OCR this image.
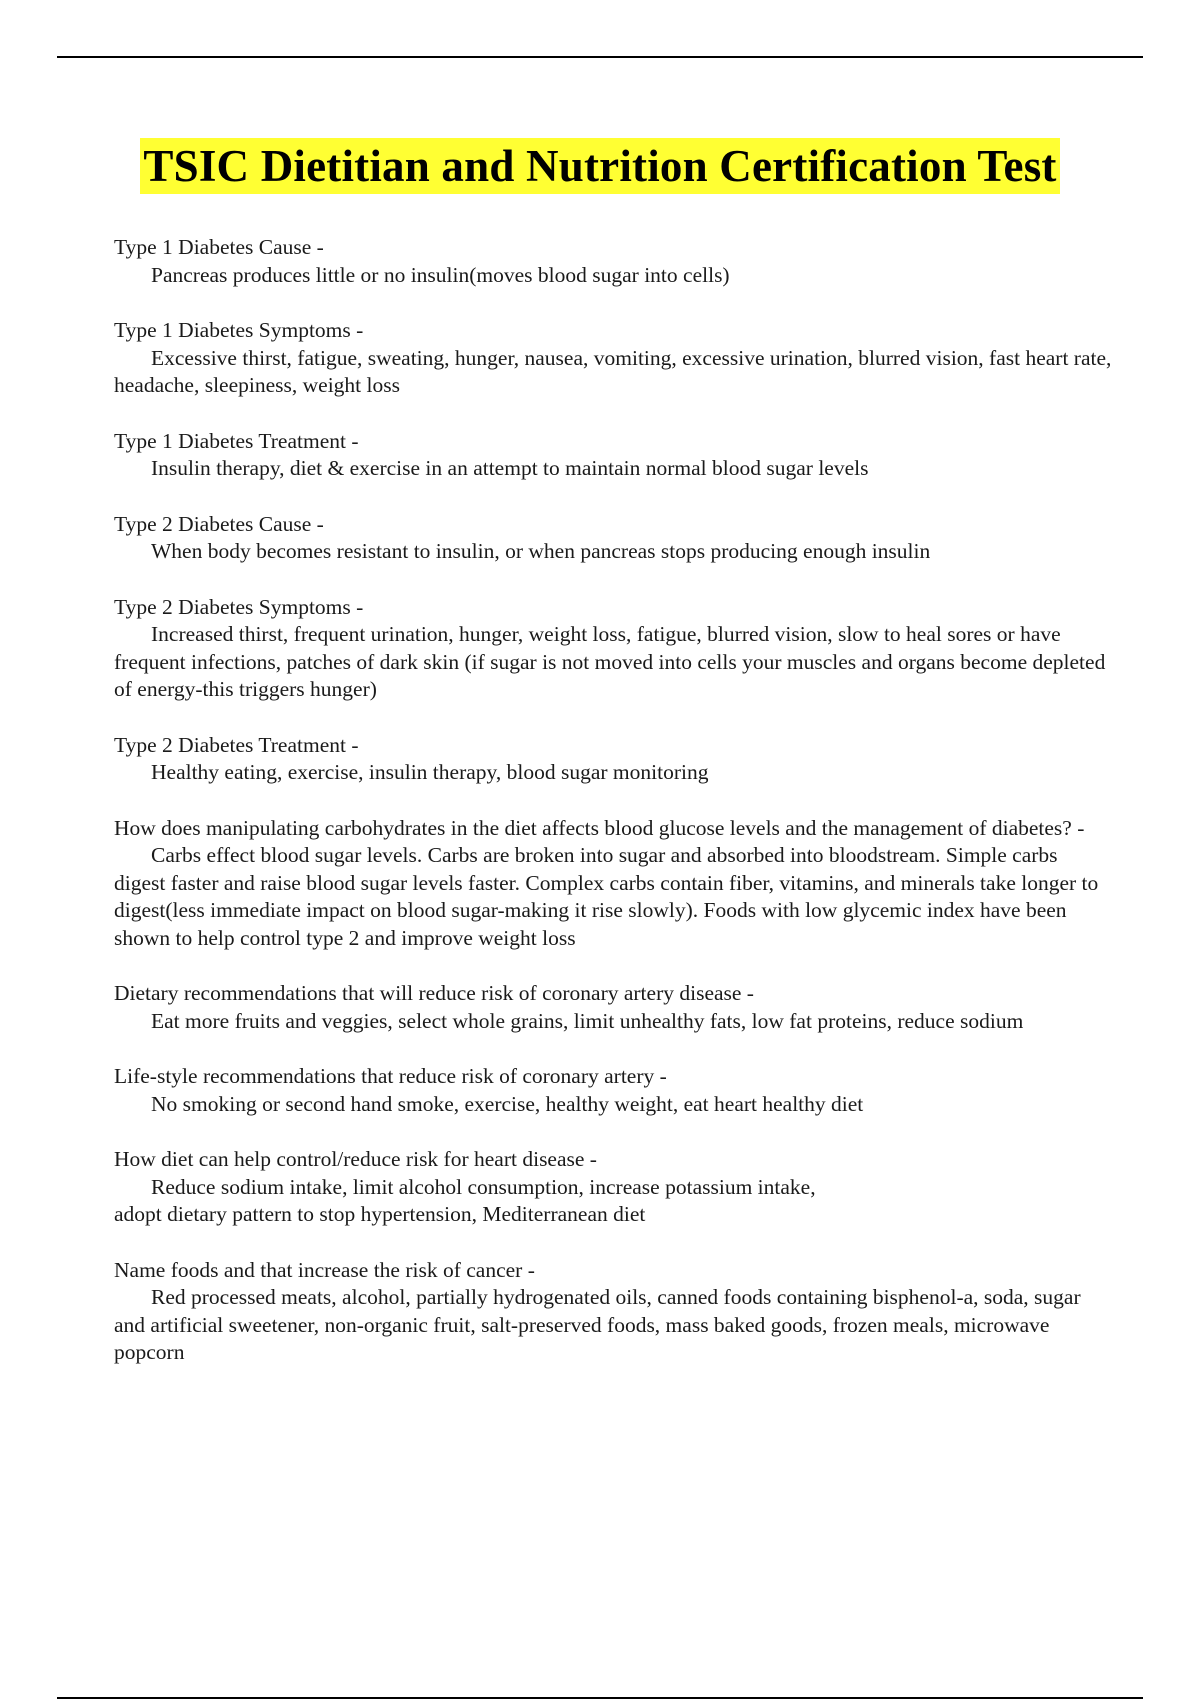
TSIC Dietitian and Nutrition Certification Test
Type 1 Diabetes Cause -
Pancreas produces little or no insulin(moves blood sugar into cells)
Type 1 Diabetes Symptoms -
Excessive thirst, fatigue, sweating, hunger, nausea, vomiting, excessive urination, blurred vision, fast heart rate, headache, sleepiness, weight loss
Type 1 Diabetes Treatment -
Insulin therapy, diet & exercise in an attempt to maintain normal blood sugar levels
Type 2 Diabetes Cause -
When body becomes resistant to insulin, or when pancreas stops producing enough insulin
Type 2 Diabetes Symptoms -
Increased thirst, frequent urination, hunger, weight loss, fatigue, blurred vision, slow to heal sores or have frequent infections, patches of dark skin (if sugar is not moved into cells your muscles and organs become depleted of energy-this triggers hunger)
Type 2 Diabetes Treatment -
Healthy eating, exercise, insulin therapy, blood sugar monitoring
How does manipulating carbohydrates in the diet affects blood glucose levels and the management of diabetes? -
Carbs effect blood sugar levels. Carbs are broken into sugar and absorbed into bloodstream. Simple carbs digest faster and raise blood sugar levels faster. Complex carbs contain fiber, vitamins, and minerals take longer to digest(less immediate impact on blood sugar-making it rise slowly). Foods with low glycemic index have been shown to help control type 2 and improve weight loss
Dietary recommendations that will reduce risk of coronary artery disease -
Eat more fruits and veggies, select whole grains, limit unhealthy fats, low fat proteins, reduce sodium
Life-style recommendations that reduce risk of coronary artery -
No smoking or second hand smoke, exercise, healthy weight, eat heart healthy diet
How diet can help control/reduce risk for heart disease -
Reduce sodium intake, limit alcohol consumption, increase potassium intake,
adopt dietary pattern to stop hypertension, Mediterranean diet
Name foods and that increase the risk of cancer -
Red processed meats, alcohol, partially hydrogenated oils, canned foods containing bisphenol-a, soda, sugar and artificial sweetener, non-organic fruit, salt-preserved foods, mass baked goods, frozen meals, microwave popcorn
